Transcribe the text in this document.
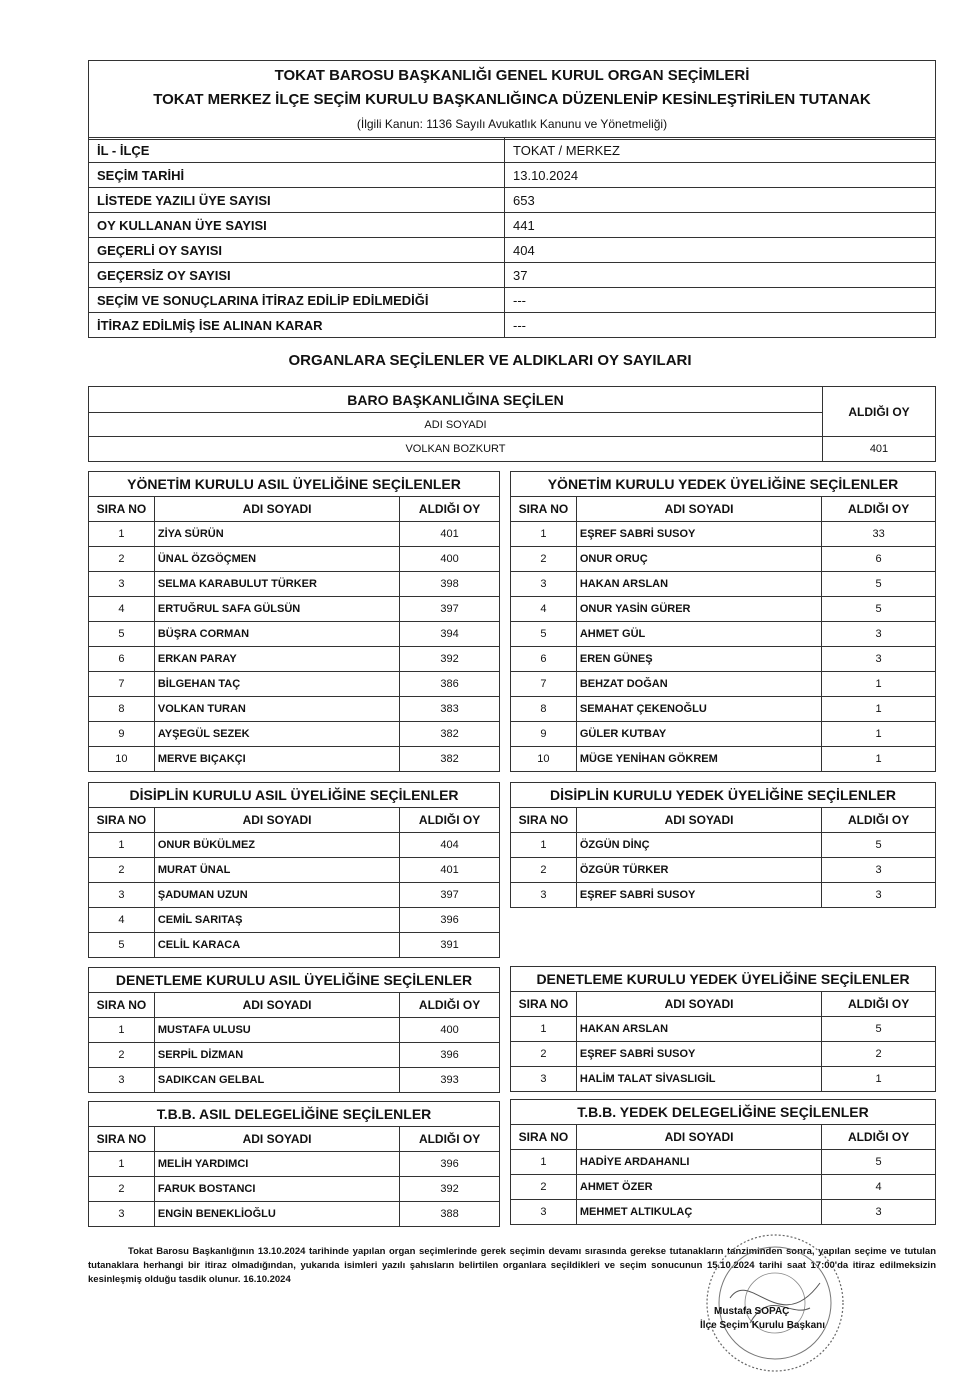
TOKAT BAROSU BAŞKANLIĞI GENEL KURUL ORGAN SEÇİMLERİ
TOKAT MERKEZ İLÇE SEÇİM KURULU BAŞKANLIĞINCA DÜZENLENİP KESİNLEŞTİRİLEN TUTANAK
(İlgili Kanun: 1136 Sayılı Avukatlık Kanunu ve Yönetmeliği)
İL - İLÇE	TOKAT / MERKEZ
SEÇİM TARİHİ	13.10.2024
LİSTEDE YAZILI ÜYE SAYISI	653
OY KULLANAN ÜYE SAYISI	441
GEÇERLİ OY SAYISI	404
GEÇERSİZ OY SAYISI	37
SEÇİM VE SONUÇLARINA İTİRAZ EDİLİP EDİLMEDİĞİ	---
İTİRAZ EDİLMİŞ İSE ALINAN KARAR	---
ORGANLARA SEÇİLENLER VE ALDIKLARI OY SAYILARI
BARO BAŞKANLIĞINA SEÇİLEN	ALDIĞI OY
ADI SOYADI	
VOLKAN BOZKURT	401
YÖNETİM KURULU ASIL ÜYELİĞİNE SEÇİLENLER		
SIRA NO	ADI SOYADI	ALDIĞI OY
1	ZİYA SÜRÜN	401
2	ÜNAL ÖZGÖÇMEN	400
3	SELMA KARABULUT TÜRKER	398
4	ERTUĞRUL SAFA GÜLSÜN	397
5	BÜŞRA CORMAN	394
6	ERKAN PARAY	392
7	BİLGEHAN TAÇ	386
8	VOLKAN TURAN	383
9	AYŞEGÜL SEZEK	382
10	MERVE BIÇAKÇI	382
YÖNETİM KURULU YEDEK ÜYELİĞİNE SEÇİLENLER		
SIRA NO	ADI SOYADI	ALDIĞI OY
1	EŞREF SABRİ SUSOY	33
2	ONUR ORUÇ	6
3	HAKAN ARSLAN	5
4	ONUR YASİN GÜRER	5
5	AHMET GÜL	3
6	EREN GÜNEŞ	3
7	BEHZAT DOĞAN	1
8	SEMAHAT ÇEKENOĞLU	1
9	GÜLER KUTBAY	1
10	MÜGE YENİHAN GÖKREM	1
DİSİPLİN KURULU ASIL ÜYELİĞİNE SEÇİLENLER		
SIRA NO	ADI SOYADI	ALDIĞI OY
1	ONUR BÜKÜLMEZ	404
2	MURAT ÜNAL	401
3	ŞADUMAN UZUN	397
4	CEMİL SARITAŞ	396
5	CELİL KARACA	391
DİSİPLİN KURULU YEDEK ÜYELİĞİNE SEÇİLENLER		
SIRA NO	ADI SOYADI	ALDIĞI OY
1	ÖZGÜN DİNÇ	5
2	ÖZGÜR TÜRKER	3
3	EŞREF SABRİ SUSOY	3
DENETLEME KURULU ASIL ÜYELİĞİNE SEÇİLENLER		
SIRA NO	ADI SOYADI	ALDIĞI OY
1	MUSTAFA ULUSU	400
2	SERPİL DİZMAN	396
3	SADIKCAN GELBAL	393
DENETLEME KURULU YEDEK ÜYELİĞİNE SEÇİLENLER		
SIRA NO	ADI SOYADI	ALDIĞI OY
1	HAKAN ARSLAN	5
2	EŞREF SABRİ SUSOY	2
3	HALİM TALAT SİVASLIGİL	1
T.B.B. ASIL DELEGELİĞİNE SEÇİLENLER		
SIRA NO	ADI SOYADI	ALDIĞI OY
1	MELİH YARDIMCI	396
2	FARUK BOSTANCI	392
3	ENGİN BENEKLİOĞLU	388
T.B.B. YEDEK DELEGELİĞİNE SEÇİLENLER		
SIRA NO	ADI SOYADI	ALDIĞI OY
1	HADİYE ARDAHANLI	5
2	AHMET ÖZER	4
3	MEHMET ALTIKULAÇ	3
Tokat Barosu Başkanlığının 13.10.2024 tarihinde yapılan organ seçimlerinde gerek seçimin devamı sırasında gerekse tutanakların tanziminden sonra, yapılan seçime ve tutulan tutanaklara herhangi bir itiraz olmadığından, yukarıda isimleri yazılı şahısların belirtilen organlara seçildikleri ve seçim sonucunun 15.10.2024 tarihi saat 17:00'da itiraz edilmeksizin kesinleşmiş olduğu tasdik olunur. 16.10.2024
Mustafa SOPAÇ
İlçe Seçim Kurulu Başkanı
